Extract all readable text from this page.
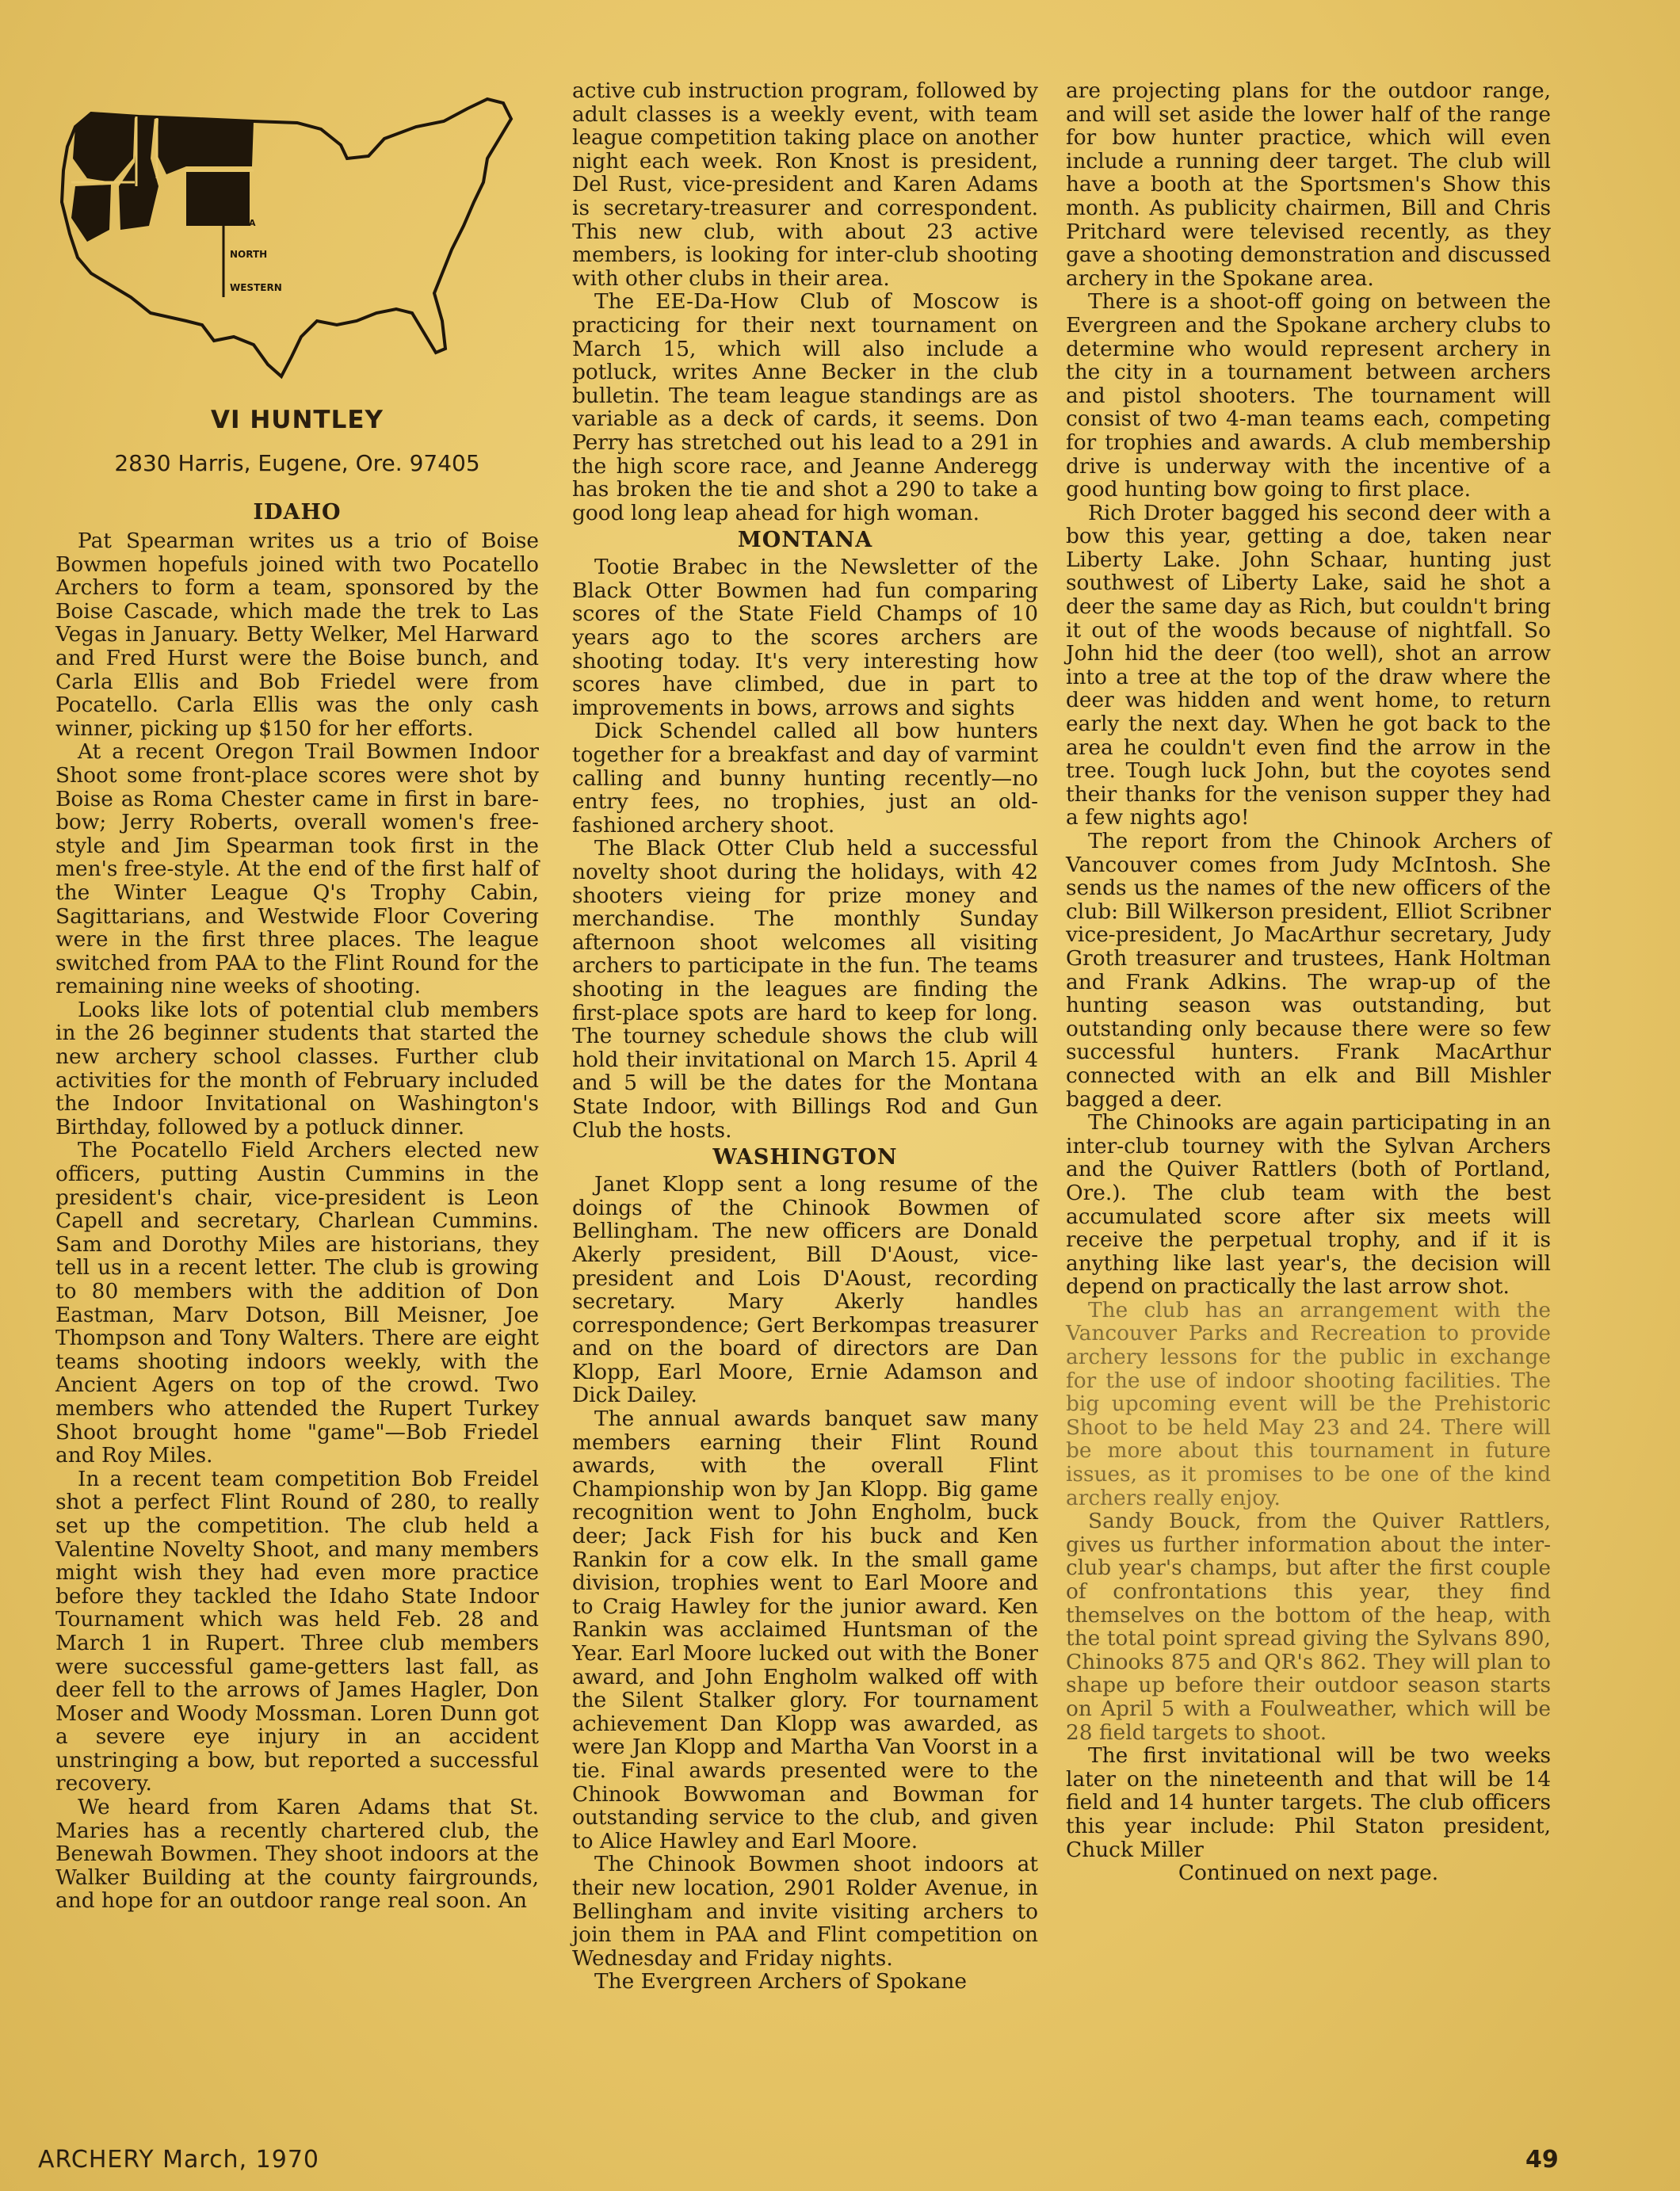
NFAA
NORTH
WESTERN
VI HUNTLEY
2830 Harris, Eugene, Ore. 97405
IDAHO

Pat Spearman writes us a trio of Boise Bowmen hopefuls joined with two Pocatello Archers to form a team, sponsored by the Boise Cascade, which made the trek to Las Vegas in January. Betty Welker, Mel Harward and Fred Hurst were the Boise bunch, and Carla Ellis and Bob Friedel were from Pocatello. Carla Ellis was the only cash winner, picking up $150 for her efforts.

At a recent Oregon Trail Bowmen Indoor Shoot some front-place scores were shot by Boise as Roma Chester came in first in bare-bow; Jerry Roberts, overall women's free-style and Jim Spearman took first in the men's free-style. At the end of the first half of the Winter League Q's Trophy Cabin, Sagittarians, and Westwide Floor Covering were in the first three places. The league switched from PAA to the Flint Round for the remaining nine weeks of shooting.

Looks like lots of potential club members in the 26 beginner students that started the new archery school classes. Further club activities for the month of February included the Indoor Invitational on Washington's Birthday, followed by a potluck dinner.

The Pocatello Field Archers elected new officers, putting Austin Cummins in the president's chair, vice-president is Leon Capell and secretary, Charlean Cummins. Sam and Dorothy Miles are historians, they tell us in a recent letter. The club is growing to 80 members with the addition of Don Eastman, Marv Dotson, Bill Meisner, Joe Thompson and Tony Walters. There are eight teams shooting indoors weekly, with the Ancient Agers on top of the crowd. Two members who attended the Rupert Turkey Shoot brought home "game"—Bob Friedel and Roy Miles.

In a recent team competition Bob Freidel shot a perfect Flint Round of 280, to really set up the competition. The club held a Valentine Novelty Shoot, and many members might wish they had even more practice before they tackled the Idaho State Indoor Tournament which was held Feb. 28 and March 1 in Rupert. Three club members were successful game-getters last fall, as deer fell to the arrows of James Hagler, Don Moser and Woody Mossman. Loren Dunn got a severe eye injury in an accident unstringing a bow, but reported a successful recovery.

We heard from Karen Adams that St. Maries has a recently chartered club, the Benewah Bowmen. They shoot indoors at the Walker Building at the county fairgrounds, and hope for an outdoor range real soon. An

active cub instruction program, followed by adult classes is a weekly event, with team league competition taking place on another night each week. Ron Knost is president, Del Rust, vice-president and Karen Adams is secretary-treasurer and correspondent. This new club, with about 23 active members, is looking for inter-club shooting with other clubs in their area.

The EE-Da-How Club of Moscow is practicing for their next tournament on March 15, which will also include a potluck, writes Anne Becker in the club bulletin. The team league standings are as variable as a deck of cards, it seems. Don Perry has stretched out his lead to a 291 in the high score race, and Jeanne Anderegg has broken the tie and shot a 290 to take a good long leap ahead for high woman.

MONTANA

Tootie Brabec in the Newsletter of the Black Otter Bowmen had fun comparing scores of the State Field Champs of 10 years ago to the scores archers are shooting today. It's very interesting how scores have climbed, due in part to improvements in bows, arrows and sights

Dick Schendel called all bow hunters together for a breakfast and day of varmint calling and bunny hunting recently—no entry fees, no trophies, just an old-fashioned archery shoot.

The Black Otter Club held a successful novelty shoot during the holidays, with 42 shooters vieing for prize money and merchandise. The monthly Sunday afternoon shoot welcomes all visiting archers to participate in the fun. The teams shooting in the leagues are finding the first-place spots are hard to keep for long. The tourney schedule shows the club will hold their invitational on March 15. April 4 and 5 will be the dates for the Montana State Indoor, with Billings Rod and Gun Club the hosts.

WASHINGTON

Janet Klopp sent a long resume of the doings of the Chinook Bowmen of Bellingham. The new officers are Donald Akerly president, Bill D'Aoust, vice-president and Lois D'Aoust, recording secretary. Mary Akerly handles correspondence; Gert Berkompas treasurer and on the board of directors are Dan Klopp, Earl Moore, Ernie Adamson and Dick Dailey.

The annual awards banquet saw many members earning their Flint Round awards, with the overall Flint Championship won by Jan Klopp. Big game recognition went to John Engholm, buck deer; Jack Fish for his buck and Ken Rankin for a cow elk. In the small game division, trophies went to Earl Moore and to Craig Hawley for the junior award. Ken Rankin was acclaimed Huntsman of the Year. Earl Moore lucked out with the Boner award, and John Engholm walked off with the Silent Stalker glory. For tournament achievement Dan Klopp was awarded, as were Jan Klopp and Martha Van Voorst in a tie. Final awards presented were to the Chinook Bowwoman and Bowman for outstanding service to the club, and given to Alice Hawley and Earl Moore.

The Chinook Bowmen shoot indoors at their new location, 2901 Rolder Avenue, in Bellingham and invite visiting archers to join them in PAA and Flint competition on Wednesday and Friday nights.

The Evergreen Archers of Spokane

are projecting plans for the outdoor range, and will set aside the lower half of the range for bow hunter practice, which will even include a running deer target. The club will have a booth at the Sportsmen's Show this month. As publicity chairmen, Bill and Chris Pritchard were televised recently, as they gave a shooting demonstration and discussed archery in the Spokane area.

There is a shoot-off going on between the Evergreen and the Spokane archery clubs to determine who would represent archery in the city in a tournament between archers and pistol shooters. The tournament will consist of two 4-man teams each, competing for trophies and awards. A club membership drive is underway with the incentive of a good hunting bow going to first place.

Rich Droter bagged his second deer with a bow this year, getting a doe, taken near Liberty Lake. John Schaar, hunting just southwest of Liberty Lake, said he shot a deer the same day as Rich, but couldn't bring it out of the woods because of nightfall. So John hid the deer (too well), shot an arrow into a tree at the top of the draw where the deer was hidden and went home, to return early the next day. When he got back to the area he couldn't even find the arrow in the tree. Tough luck John, but the coyotes send their thanks for the venison supper they had a few nights ago!

The report from the Chinook Archers of Vancouver comes from Judy McIntosh. She sends us the names of the new officers of the club: Bill Wilkerson president, Elliot Scribner vice-president, Jo MacArthur secretary, Judy Groth treasurer and trustees, Hank Holtman and Frank Adkins. The wrap-up of the hunting season was outstanding, but outstanding only because there were so few successful hunters. Frank MacArthur connected with an elk and Bill Mishler bagged a deer.

The Chinooks are again participating in an inter-club tourney with the Sylvan Archers and the Quiver Rattlers (both of Portland, Ore.). The club team with the best accumulated score after six meets will receive the perpetual trophy, and if it is anything like last year's, the decision will depend on practically the last arrow shot.

The club has an arrangement with the Vancouver Parks and Recreation to provide archery lessons for the public in exchange for the use of indoor shooting facilities. The big upcoming event will be the Prehistoric Shoot to be held May 23 and 24. There will be more about this tournament in future issues, as it promises to be one of the kind archers really enjoy.

Sandy Bouck, from the Quiver Rattlers, gives us further information about the inter-club year's champs, but after the first couple of confrontations this year, they find themselves on the bottom of the heap, with the total point spread giving the Sylvans 890, Chinooks 875 and QR's 862. They will plan to shape up before their outdoor season starts on April 5 with a Foulweather, which will be 28 field targets to shoot.

The first invitational will be two weeks later on the nineteenth and that will be 14 field and 14 hunter targets. The club officers this year include: Phil Staton president, Chuck Miller

Continued on next page.

ARCHERY March, 1970	49
